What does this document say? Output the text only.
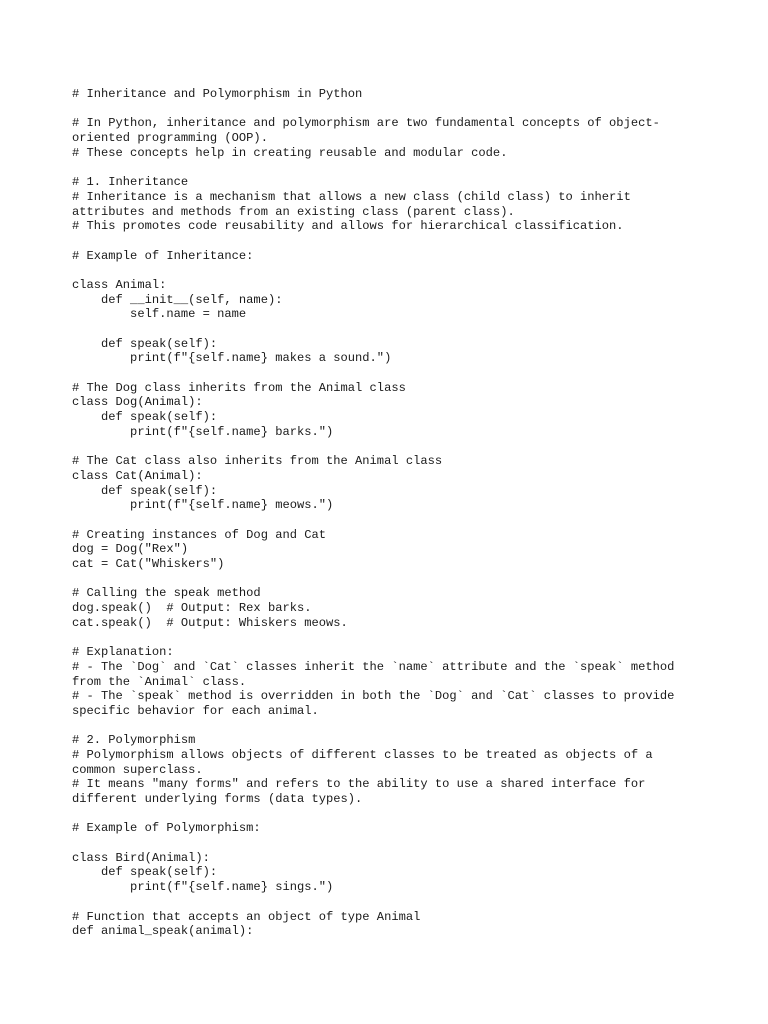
# Inheritance and Polymorphism in Python
# In Python, inheritance and polymorphism are two fundamental concepts of object-
oriented programming (OOP).
# These concepts help in creating reusable and modular code.
# 1. Inheritance
# Inheritance is a mechanism that allows a new class (child class) to inherit
attributes and methods from an existing class (parent class).
# This promotes code reusability and allows for hierarchical classification.
# Example of Inheritance:
class Animal:
def __init__(self, name):
self.name = name
def speak(self):
print(f"{self.name} makes a sound.")
# The Dog class inherits from the Animal class
class Dog(Animal):
def speak(self):
print(f"{self.name} barks.")
# The Cat class also inherits from the Animal class
class Cat(Animal):
def speak(self):
print(f"{self.name} meows.")
# Creating instances of Dog and Cat
dog = Dog("Rex")
cat = Cat("Whiskers")
# Calling the speak method
dog.speak()  # Output: Rex barks.
cat.speak()  # Output: Whiskers meows.
# Explanation:
# - The `Dog` and `Cat` classes inherit the `name` attribute and the `speak` method
from the `Animal` class.
# - The `speak` method is overridden in both the `Dog` and `Cat` classes to provide
specific behavior for each animal.
# 2. Polymorphism
# Polymorphism allows objects of different classes to be treated as objects of a
common superclass.
# It means "many forms" and refers to the ability to use a shared interface for
different underlying forms (data types).
# Example of Polymorphism:
class Bird(Animal):
def speak(self):
print(f"{self.name} sings.")
# Function that accepts an object of type Animal
def animal_speak(animal):
